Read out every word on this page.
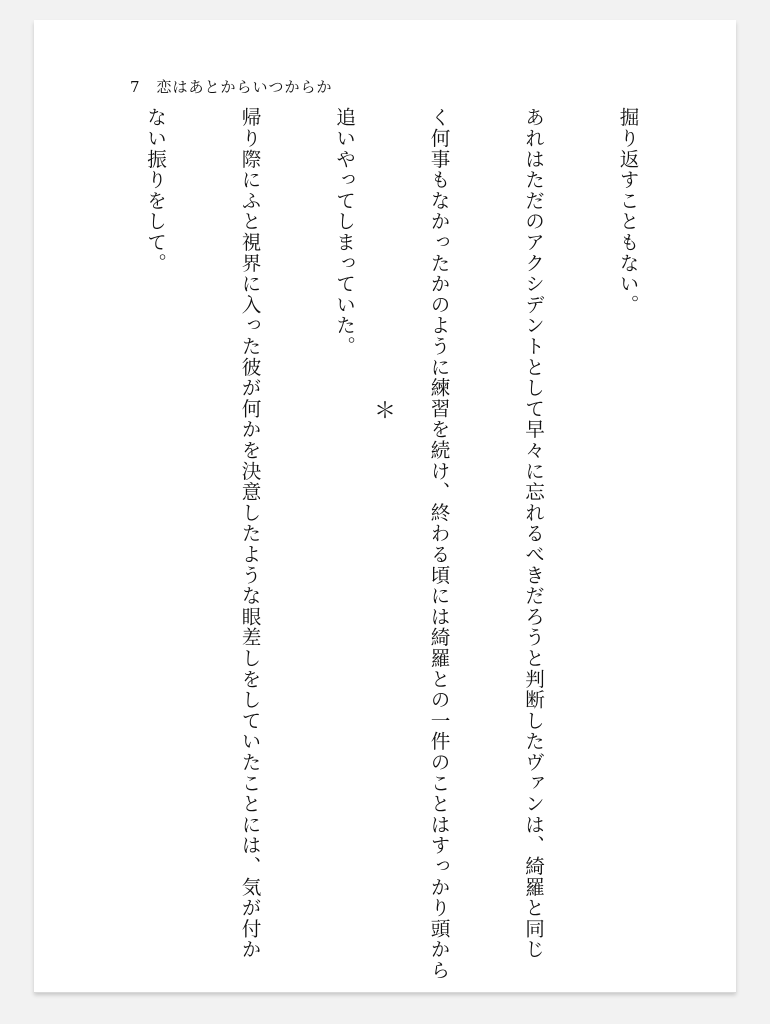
7 恋はあとからいつからか

掘り返すこともない。

あれはただのアクシデントとして早々に忘れるべきだろうと判断したヴァンは、綺羅と同じ

く何事もなかったかのように練習を続け、終わる頃には綺羅との一件のことはすっかり頭から

追いやってしまっていた。

帰り際にふと視界に入った彼が何かを決意したような眼差しをしていたことには、気が付か

ない振りをして。

＊
